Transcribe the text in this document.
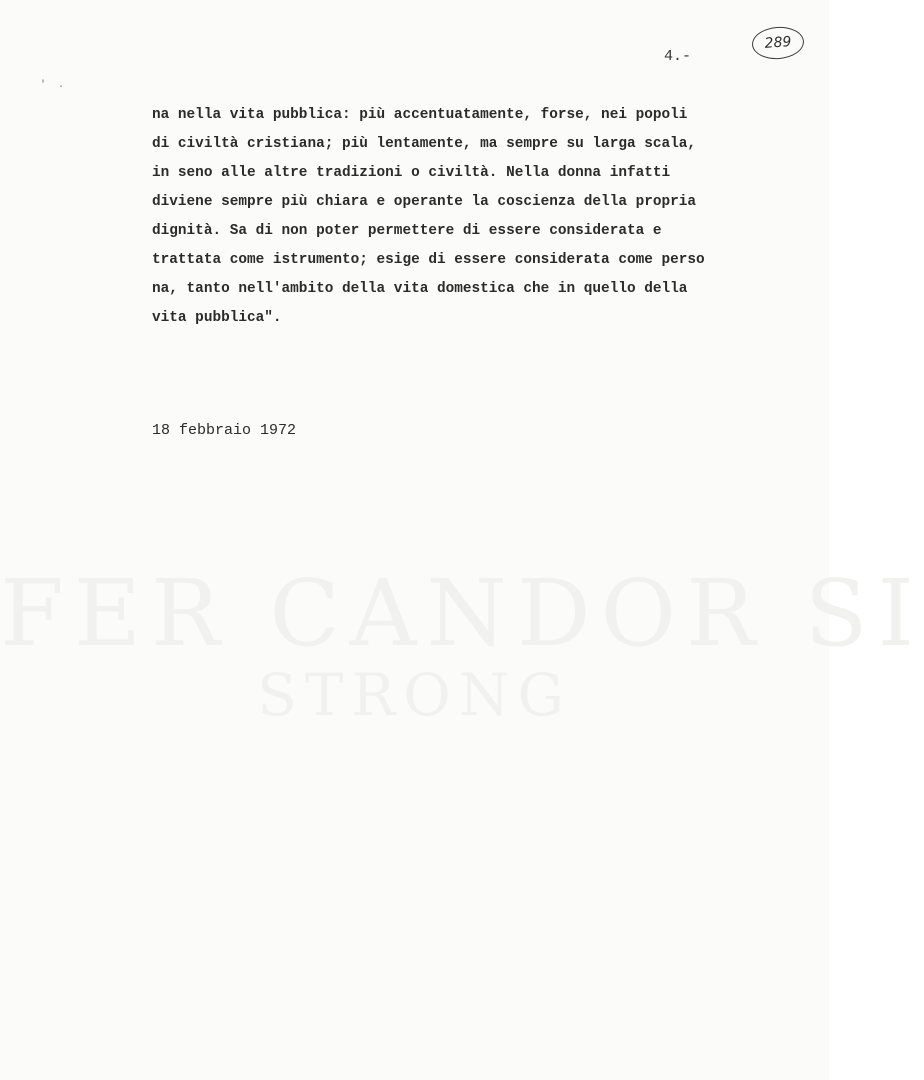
FER CANDOR SI
STRONG
' .
4.-
289
na nella vita pubblica: più accentuatamente, forse, nei popoli
di civiltà cristiana; più lentamente, ma sempre su larga scala,
in seno alle altre tradizioni o civiltà. Nella donna infatti
diviene sempre più chiara e operante la coscienza della propria
dignità. Sa di non poter permettere di essere considerata e
trattata come istrumento; esige di essere considerata come perso
na, tanto nell'ambito della vita domestica che in quello della
vita pubblica".
18 febbraio 1972
